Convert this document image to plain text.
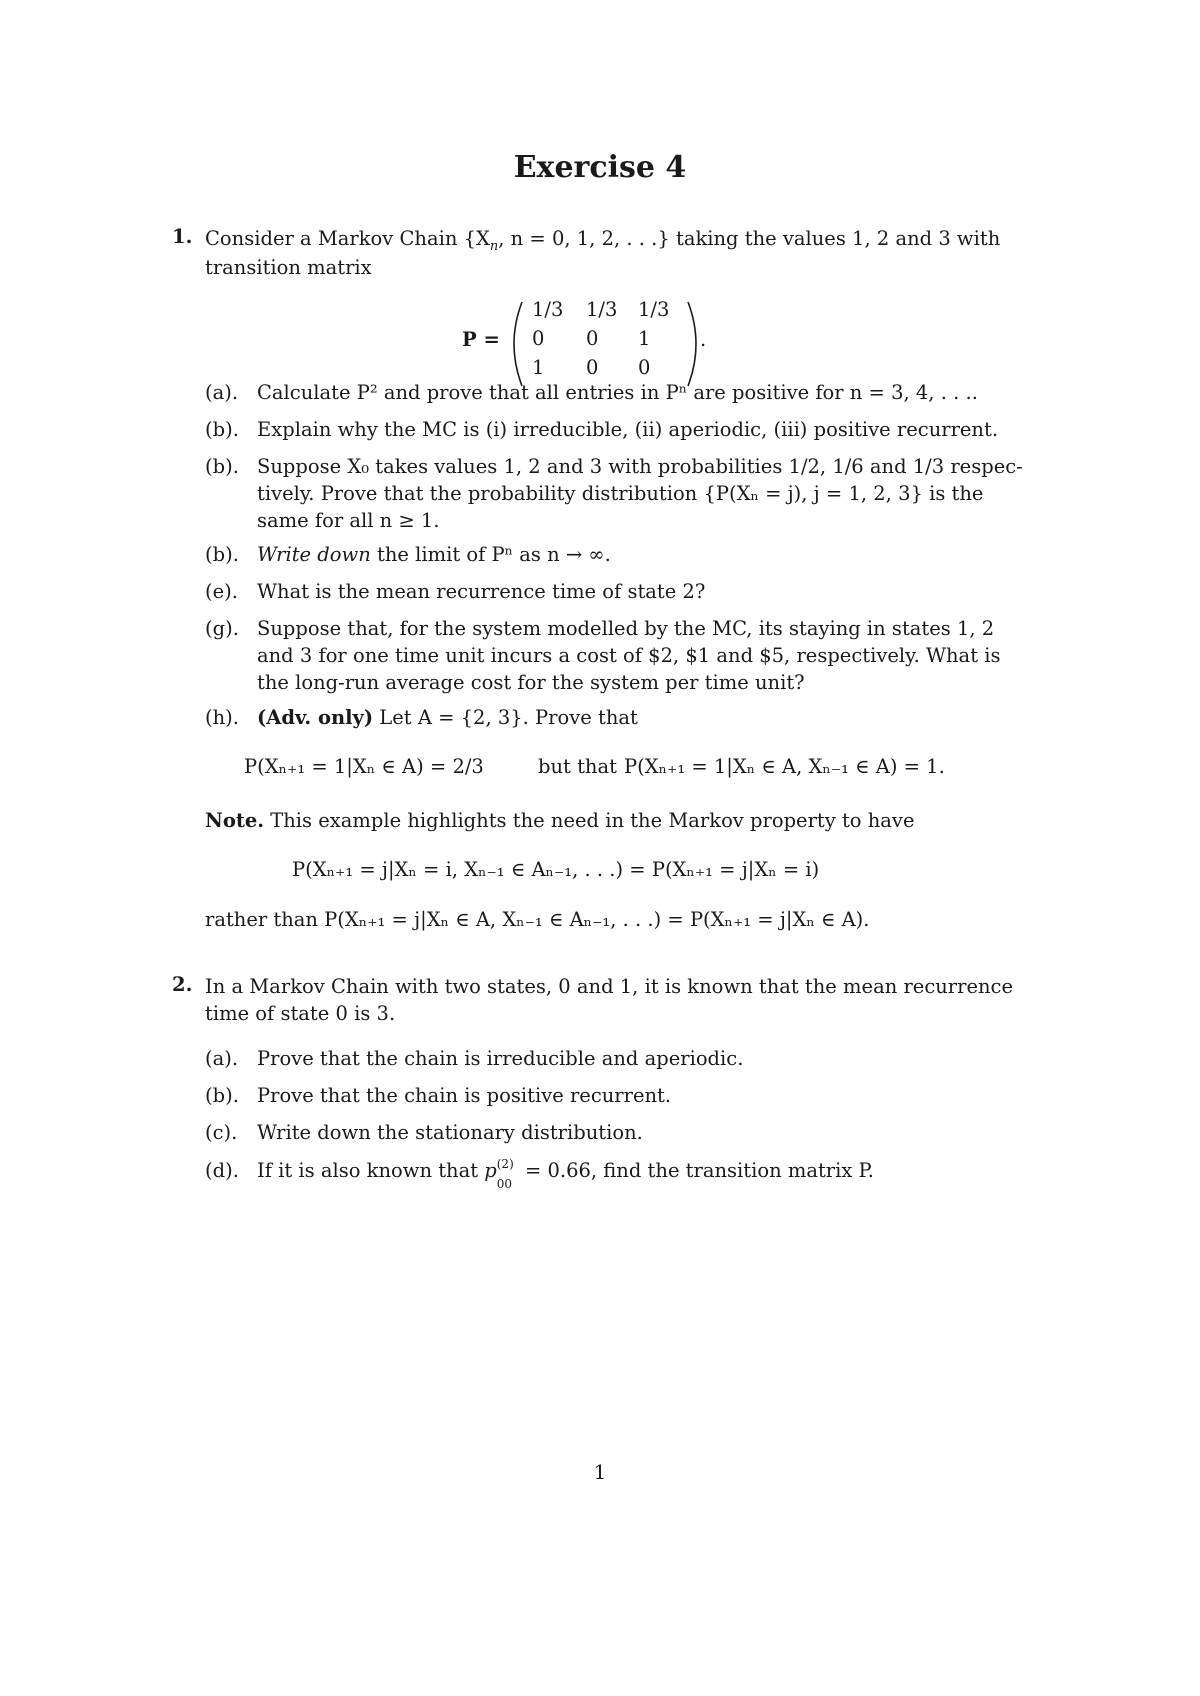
Exercise 4
1. Consider a Markov Chain {$X_n$, n = 0, 1, 2, . . .} taking the values 1, 2 and 3 with
transition matrix
P =
1/3 1/3 1/3
0 0 1
1 0 0
.
(a). Calculate P² and prove that all entries in Pⁿ are positive for n = 3, 4, . . ..
(b). Explain why the MC is (i) irreducible, (ii) aperiodic, (iii) positive recurrent.
(b). Suppose X₀ takes values 1, 2 and 3 with probabilities 1/2, 1/6 and 1/3 respec-
tively. Prove that the probability distribution {P(Xₙ = j), j = 1, 2, 3} is the
same for all n ≥ 1.
(b). Write down the limit of Pⁿ as n → ∞.
(e). What is the mean recurrence time of state 2?
(g). Suppose that, for the system modelled by the MC, its staying in states 1, 2
and 3 for one time unit incurs a cost of $2, $1 and $5, respectively. What is
the long-run average cost for the system per time unit?
(h). (Adv. only) Let A = {2, 3}. Prove that
P(Xₙ₊₁ = 1|Xₙ ∈ A) = 2/3	but that P(Xₙ₊₁ = 1|Xₙ ∈ A, Xₙ₋₁ ∈ A) = 1.
Note. This example highlights the need in the Markov property to have
P(Xₙ₊₁ = j|Xₙ = i, Xₙ₋₁ ∈ Aₙ₋₁, . . .) = P(Xₙ₊₁ = j|Xₙ = i)
rather than P(Xₙ₊₁ = j|Xₙ ∈ A, Xₙ₋₁ ∈ Aₙ₋₁, . . .) = P(Xₙ₊₁ = j|Xₙ ∈ A).
2. In a Markov Chain with two states, 0 and 1, it is known that the mean recurrence
time of state 0 is 3.
(a). Prove that the chain is irreducible and aperiodic.
(b). Prove that the chain is positive recurrent.
(c). Write down the stationary distribution.
(d). If it is also known that p (2)
00
= 0.66, find the transition matrix P.
1
